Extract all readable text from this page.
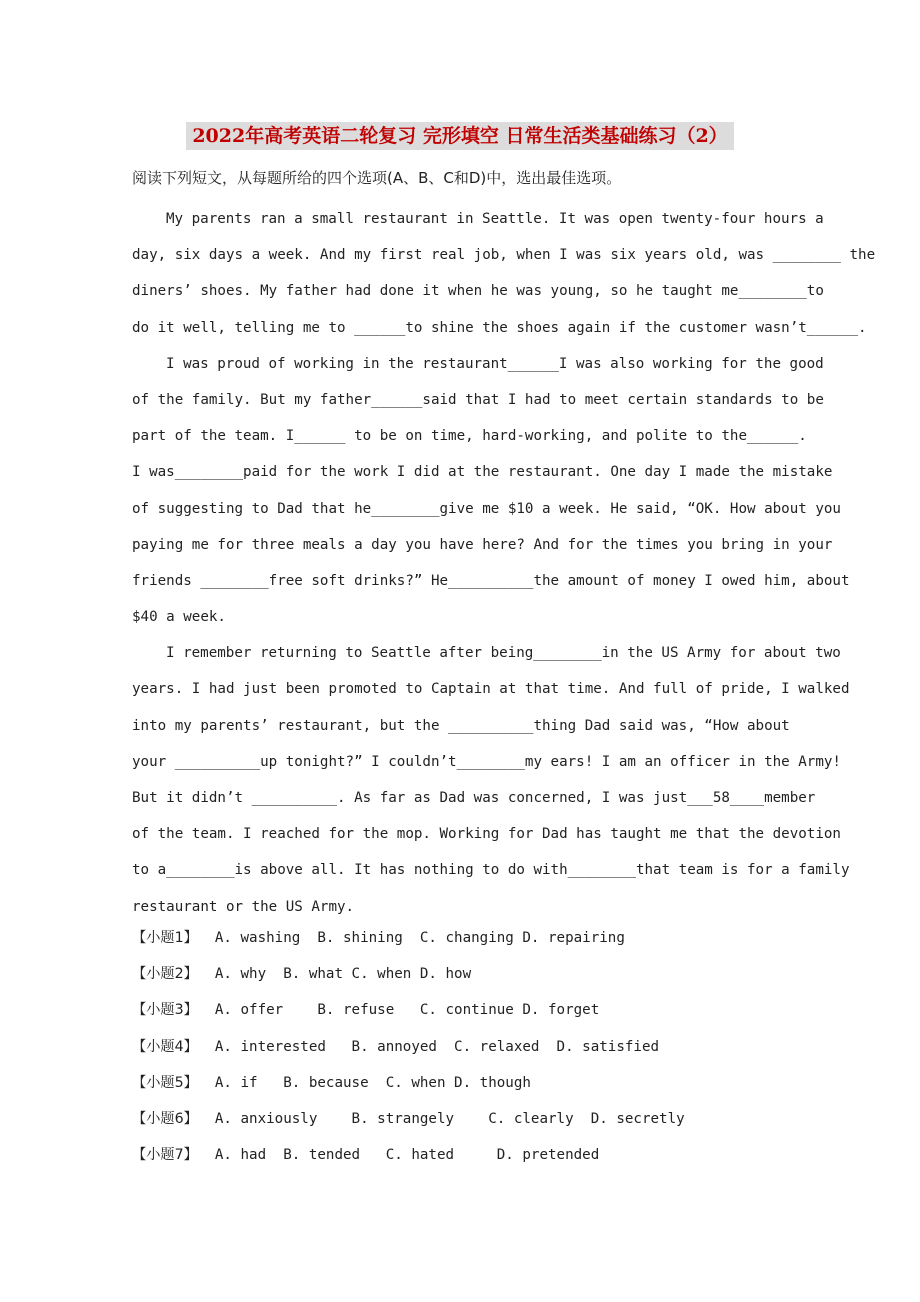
2022年高考英语二轮复习 完形填空 日常生活类基础练习（2）
阅读下列短文，从每题所给的四个选项(A、B、C和D)中，选出最佳选项。
My parents ran a small restaurant in Seattle. It was open twenty-four hours a
day, six days a week. And my first real job, when I was six years old, was ________ the
diners’ shoes. My father had done it when he was young, so he taught me________to
do it well, telling me to ______to shine the shoes again if the customer wasn’t______.
I was proud of working in the restaurant______I was also working for the good
of the family. But my father______said that I had to meet certain standards to be
part of the team. I______ to be on time, hard-working, and polite to the______.
I was________paid for the work I did at the restaurant. One day I made the mistake
of suggesting to Dad that he________give me $10 a week. He said, “OK. How about you
paying me for three meals a day you have here? And for the times you bring in your
friends ________free soft drinks?” He__________the amount of money I owed him, about
$40 a week.
I remember returning to Seattle after being________in the US Army for about two
years. I had just been promoted to Captain at that time. And full of pride, I walked
into my parents’ restaurant, but the __________thing Dad said was, “How about
your __________up tonight?” I couldn’t________my ears! I am an officer in the Army!
But it didn’t __________. As far as Dad was concerned, I was just___58____member
of the team. I reached for the mop. Working for Dad has taught me that the devotion
to a________is above all. It has nothing to do with________that team is for a family
restaurant or the US Army.
【小题1】  A. washing  B. shining  C. changing D. repairing
【小题2】  A. why  B. what C. when D. how
【小题3】  A. offer    B. refuse   C. continue D. forget
【小题4】  A. interested   B. annoyed  C. relaxed  D. satisfied
【小题5】  A. if   B. because  C. when D. though
【小题6】  A. anxiously    B. strangely    C. clearly  D. secretly
【小题7】  A. had  B. tended   C. hated     D. pretended
